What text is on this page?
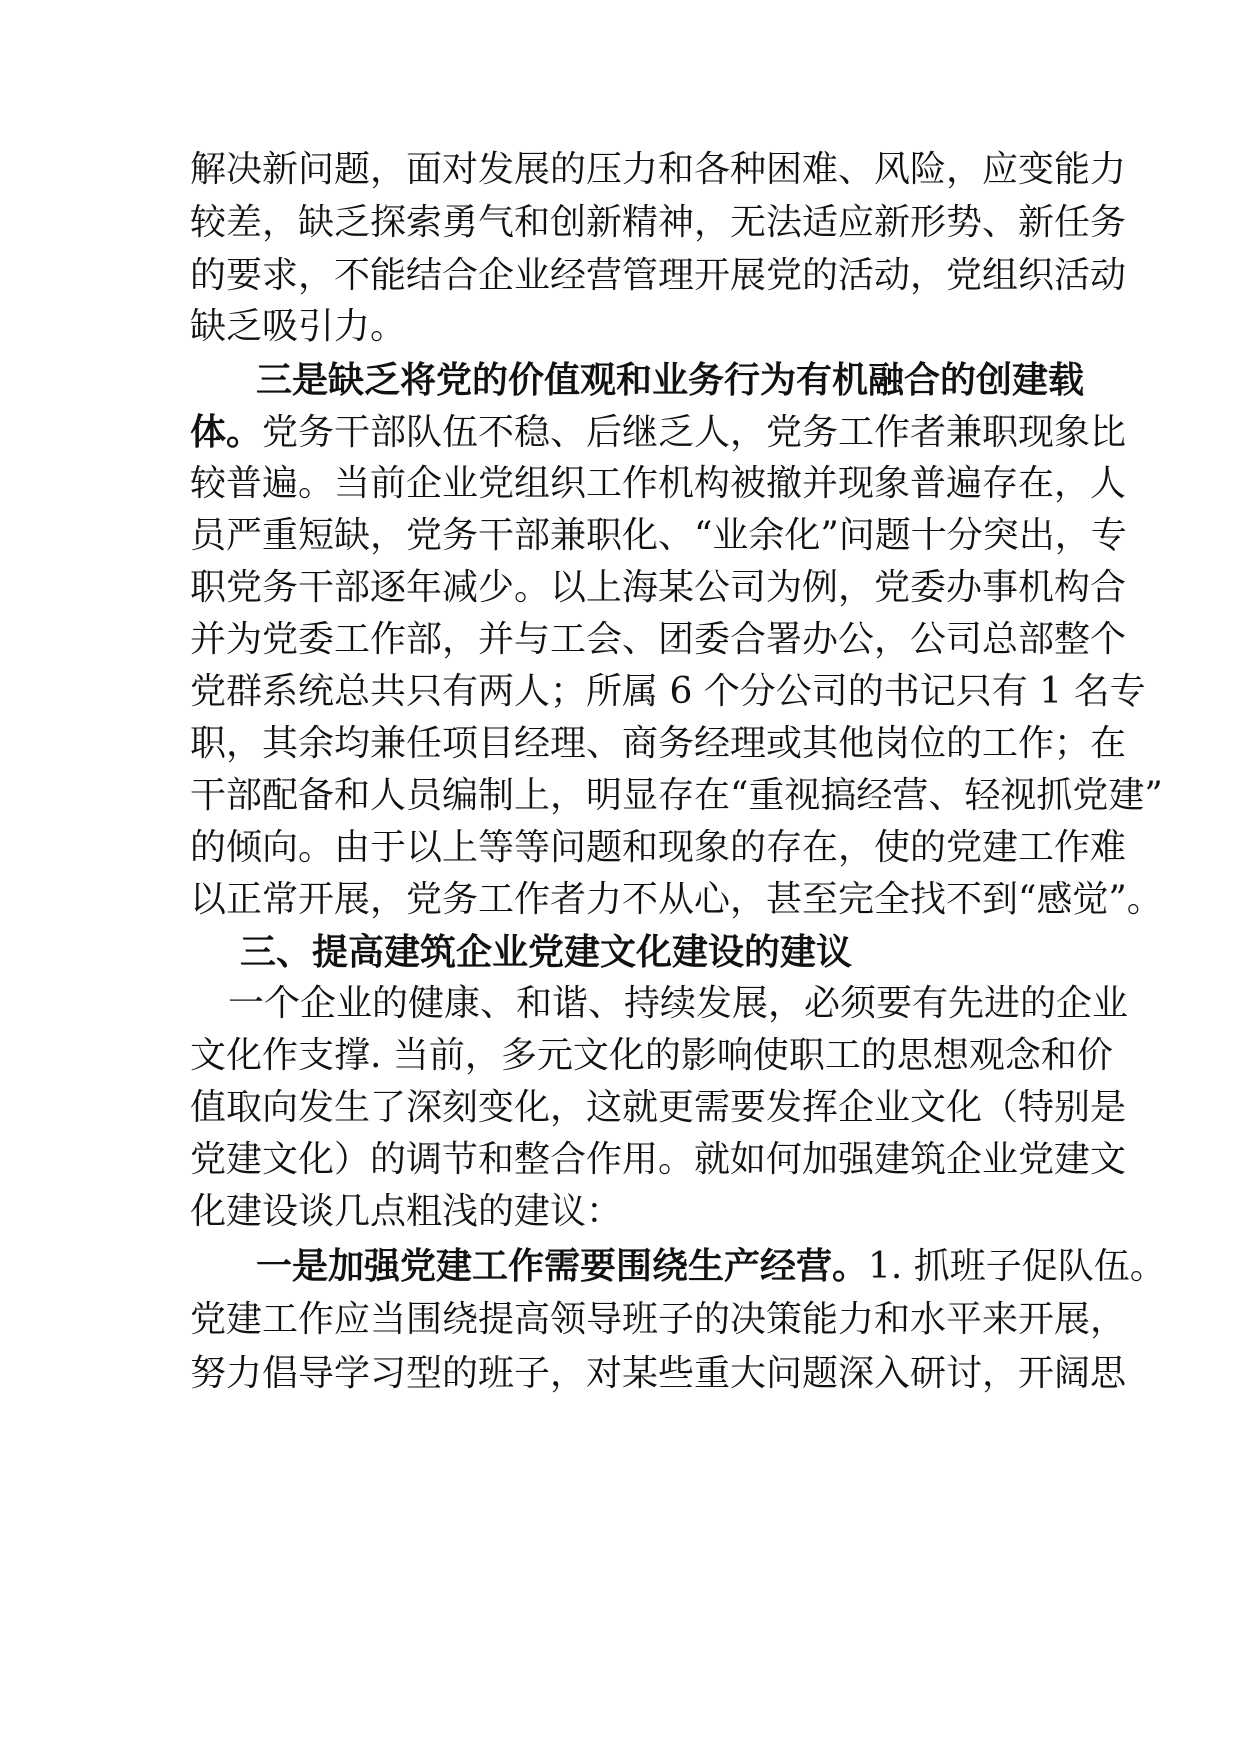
解决新问题，面对发展的压力和各种困难、风险，应变能力
较差，缺乏探索勇气和创新精神，无法适应新形势、新任务
的要求，不能结合企业经营管理开展党的活动，党组织活动
缺乏吸引力。
三是缺乏将党的价值观和业务行为有机融合的创建载
体。党务干部队伍不稳、后继乏人，党务工作者兼职现象比
较普遍。当前企业党组织工作机构被撤并现象普遍存在，人
员严重短缺，党务干部兼职化、“业余化”问题十分突出，专
职党务干部逐年减少。以上海某公司为例，党委办事机构合
并为党委工作部，并与工会、团委合署办公，公司总部整个
党群系统总共只有两人；所属 6 个分公司的书记只有 1 名专
职，其余均兼任项目经理、商务经理或其他岗位的工作；在
干部配备和人员编制上，明显存在“重视搞经营、轻视抓党建”
的倾向。由于以上等等问题和现象的存在，使的党建工作难
以正常开展，党务工作者力不从心，甚至完全找不到“感觉”。
三、提高建筑企业党建文化建设的建议
一个企业的健康、和谐、持续发展，必须要有先进的企业
文化作支撑. 当前，多元文化的影响使职工的思想观念和价
值取向发生了深刻变化，这就更需要发挥企业文化（特别是
党建文化）的调节和整合作用。就如何加强建筑企业党建文
化建设谈几点粗浅的建议：
一是加强党建工作需要围绕生产经营。1. 抓班子促队伍。
党建工作应当围绕提高领导班子的决策能力和水平来开展，
努力倡导学习型的班子，对某些重大问题深入研讨，开阔思
